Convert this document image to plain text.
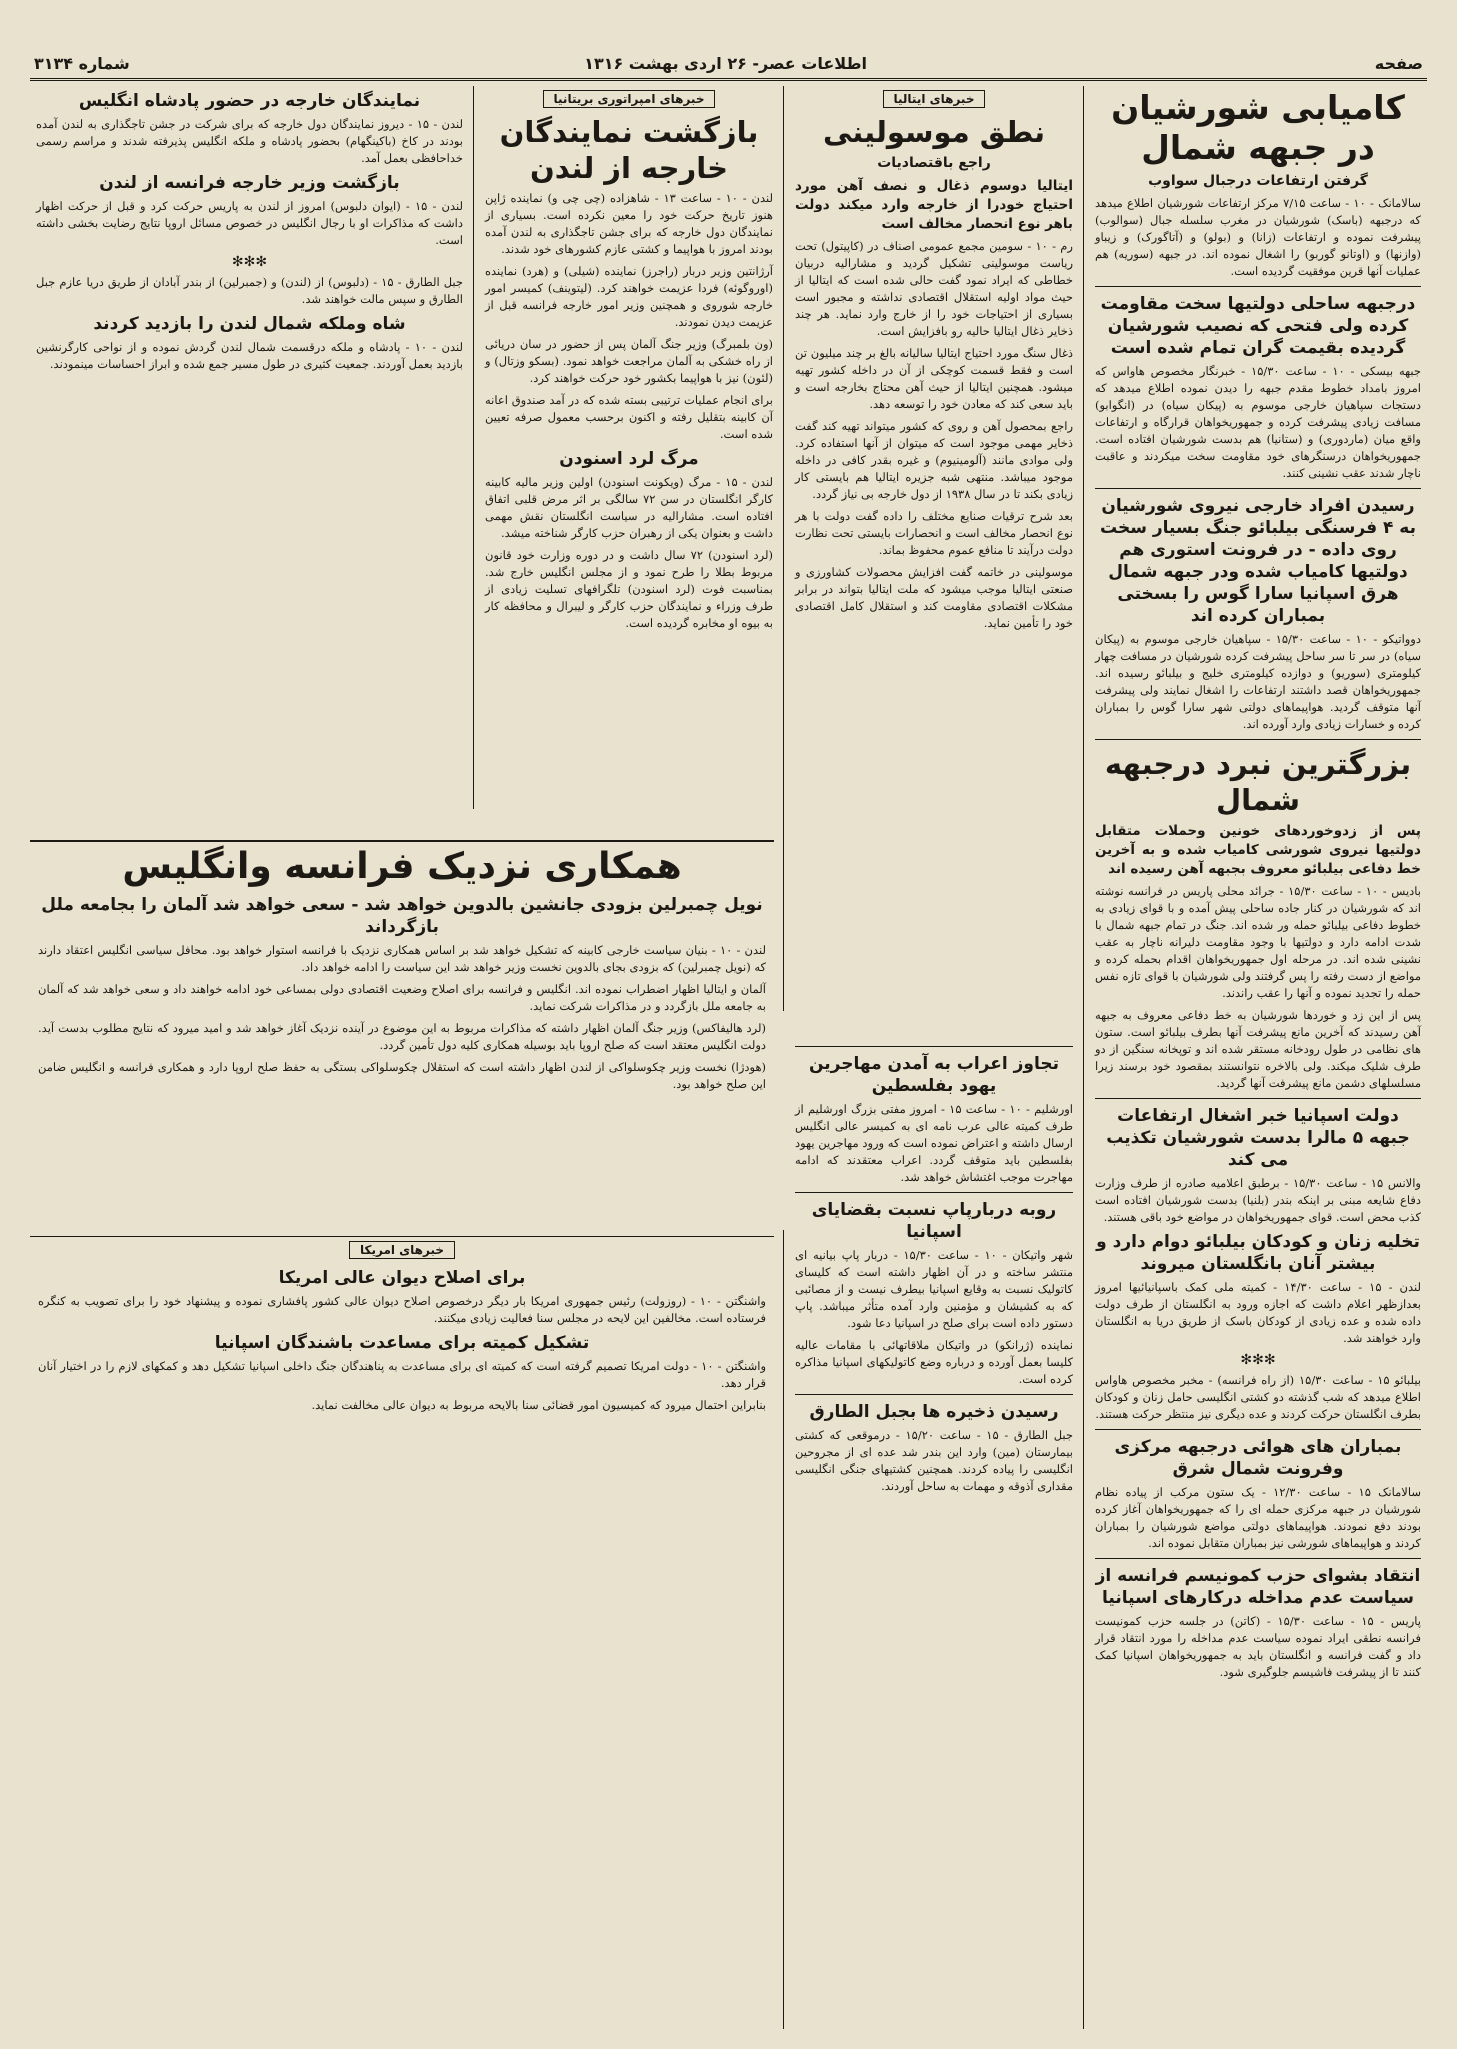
صفحه
اطلاعات عصر- ۲۶ اردی بهشت ۱۳۱۶
شماره ۳۱۳۴
کامیابی شورشیان در جبهه شمال
گرفتن ارتفاعات درجبال سواوب

سالامانک - ۱۰ - ساعت ۷/۱۵ مرکز ارتفاعات شورشیان اطلاع میدهد که درجبهه (باسک) شورشیان در مغرب سلسله جبال (سوالوب) پیشرفت نموده و ارتفاعات (زانا) و (بولو) و (آتاگورک) و زیباو (وازنها) و (اوتانو گوربو) را اشغال نموده اند. در جبهه (سوریه) هم عملیات آنها قرین موفقیت گردیده است.

درجبهه ساحلی دولتیها سخت مقاومت کرده ولی فتحی که نصیب شورشیان گردیده بقیمت گران تمام شده است

جبهه بیسکی - ۱۰ - ساعت ۱۵/۳۰ - خبرنگار مخصوص هاواس که امروز بامداد خطوط مقدم جبهه را دیدن نموده اطلاع میدهد که دستجات سپاهیان خارجی موسوم به (پیکان سیاه) در (انگوابو) مسافت زیادی پیشرفت کرده و جمهوریخواهان قرارگاه و ارتفاعات واقع میان (ماردوری) و (ستانیا) هم بدست شورشیان افتاده است. جمهوریخواهان درسنگرهای خود مقاومت سخت میکردند و عاقبت ناچار شدند عقب نشینی کنند.

رسیدن افراد خارجی نیروی شورشیان به ۴ فرسنگی بیلبائو جنگ بسیار سخت روی داده - در فرونت استوری هم دولتیها کامیاب شده ودر جبهه شمال هرق اسپانیا سارا گوس را بسختی بمباران کرده اند

دوواتیکو - ۱۰ - ساعت ۱۵/۳۰ - سپاهیان خارجی موسوم به (پیکان سیاه) در سر تا سر ساحل پیشرفت کرده شورشیان در مسافت چهار کیلومتری (سوریو) و دوازده کیلومتری خلیج و بیلبائو رسیده اند. جمهوریخواهان قصد داشتند ارتفاعات را اشغال نمایند ولی پیشرفت آنها متوقف گردید. هواپیماهای دولتی شهر سارا گوس را بمباران کرده و خسارات زیادی وارد آورده اند.

بزرگترین نبرد درجبهه شمال
پس از زدوخوردهای خونین وحملات متقابل دولتیها نیروی شورشی کامیاب شده و به آخرین خط دفاعی بیلبائو معروف بجبهه آهن رسیده اند

بادیس - ۱۰ - ساعت ۱۵/۳۰ - جرائد محلی پاریس در فرانسه نوشته اند که شورشیان در کنار جاده ساحلی پیش آمده و با قوای زیادی به خطوط دفاعی بیلبائو حمله ور شده اند. جنگ در تمام جبهه شمال با شدت ادامه دارد و دولتیها با وجود مقاومت دلیرانه ناچار به عقب نشینی شده اند. در مرحله اول جمهوریخواهان اقدام بحمله کرده و مواضع از دست رفته را پس گرفتند ولی شورشیان با قوای تازه نفس حمله را تجدید نموده و آنها را عقب راندند.

پس از این زد و خوردها شورشیان به خط دفاعی معروف به جبهه آهن رسیدند که آخرین مانع پیشرفت آنها بطرف بیلبائو است. ستون های نظامی در طول رودخانه مستقر شده اند و توپخانه سنگین از دو طرف شلیک میکند. ولی بالاخره نتوانستند بمقصود خود برسند زیرا مسلسلهای دشمن مانع پیشرفت آنها گردید.

دولت اسپانیا خبر اشغال ارتفاعات جبهه ۵ مالرا بدست شورشیان تکذیب می کند

والانس ۱۵ - ساعت ۱۵/۳۰ - برطبق اعلامیه صادره از طرف وزارت دفاع شایعه مبنی بر اینکه بندر (بلنیا) بدست شورشیان افتاده است کذب محض است. قوای جمهوریخواهان در مواضع خود باقی هستند.

تخلیه زنان و کودکان بیلبائو دوام دارد و بیشتر آنان بانگلستان میروند

لندن - ۱۵ - ساعت ۱۴/۳۰ - کمیته ملی کمک باسپانیائیها امروز بعدازظهر اعلام داشت که اجازه ورود به انگلستان از طرف دولت داده شده و عده زیادی از کودکان باسک از طریق دریا به انگلستان وارد خواهند شد.

✻✻✻

بیلبائو ۱۵ - ساعت ۱۵/۳۰ (از راه فرانسه) - مخبر مخصوص هاواس اطلاع میدهد که شب گذشته دو کشتی انگلیسی حامل زنان و کودکان بطرف انگلستان حرکت کردند و عده دیگری نیز منتظر حرکت هستند.

بمباران های هوائی درجبهه مرکزی وفرونت شمال شرق

سالامانک ۱۵ - ساعت ۱۲/۳۰ - یک ستون مرکب از پیاده نظام شورشیان در جبهه مرکزی حمله ای را که جمهوریخواهان آغاز کرده بودند دفع نمودند. هواپیماهای دولتی مواضع شورشیان را بمباران کردند و هواپیماهای شورشی نیز بمباران متقابل نموده اند.

انتقاد بشوای حزب کمونیسم فرانسه از سیاست عدم مداخله درکارهای اسپانیا

پاریس - ۱۵ - ساعت ۱۵/۳۰ - (کاتن) در جلسه حزب کمونیست فرانسه نطقی ایراد نموده سیاست عدم مداخله را مورد انتقاد قرار داد و گفت فرانسه و انگلستان باید به جمهوریخواهان اسپانیا کمک کنند تا از پیشرفت فاشیسم جلوگیری شود.

خبرهای ایتالیا
نطق موسولینی
راجع باقتصادیات
ایتالیا دوسوم ذغال و نصف آهن مورد احتیاج خودرا از خارجه وارد میکند دولت باهر نوع انحصار مخالف است

رم - ۱۰ - سومین مجمع عمومی اصناف در (کاپیتول) تحت ریاست موسولینی تشکیل گردید و مشارالیه دربیان خطاطی که ایراد نمود گفت حالی شده است که ایتالیا از حیث مواد اولیه استقلال اقتصادی نداشته و مجبور است بسیاری از احتیاجات خود را از خارج وارد نماید. هر چند ذخایر ذغال ایتالیا حالیه رو بافزایش است.

ذغال سنگ مورد احتیاج ایتالیا سالیانه بالغ بر چند میلیون تن است و فقط قسمت کوچکی از آن در داخله کشور تهیه میشود. همچنین ایتالیا از حیث آهن محتاج بخارجه است و باید سعی کند که معادن خود را توسعه دهد.

راجع بمحصول آهن و روی که کشور میتواند تهیه کند گفت ذخایر مهمی موجود است که میتوان از آنها استفاده کرد. ولی موادی مانند (آلومینیوم) و غیره بقدر کافی در داخله موجود میباشد. منتهی شبه جزیره ایتالیا هم بایستی کار زیادی بکند تا در سال ۱۹۳۸ از دول خارجه بی نیاز گردد.

بعد شرح ترقیات صنایع مختلف را داده گفت دولت با هر نوع انحصار مخالف است و انحصارات بایستی تحت نظارت دولت درآیند تا منافع عموم محفوظ بماند.

موسولینی در خاتمه گفت افزایش محصولات کشاورزی و صنعتی ایتالیا موجب میشود که ملت ایتالیا بتواند در برابر مشکلات اقتصادی مقاومت کند و استقلال کامل اقتصادی خود را تأمین نماید.

خبرهای امپراتوری بریتانیا
بازگشت نمایندگان خارجه از لندن

لندن - ۱۰ - ساعت ۱۳ - شاهزاده (چی چی و) نماینده ژاپن هنوز تاریخ حرکت خود را معین نکرده است. بسیاری از نمایندگان دول خارجه که برای جشن تاجگذاری به لندن آمده بودند امروز با هواپیما و کشتی عازم کشورهای خود شدند.

آرژانتین وزیر دربار (راجرز) نماینده (شیلی) و (هرد) نماینده (اوروگوئه) فردا عزیمت خواهند کرد. (لیتوینف) کمیسر امور خارجه شوروی و همچنین وزیر امور خارجه فرانسه قبل از عزیمت دیدن نمودند.

(ون بلمبرگ) وزیر جنگ آلمان پس از حضور در سان دریائی از راه خشکی به آلمان مراجعت خواهد نمود. (بسکو وزتال) و (لئون) نیز با هواپیما بکشور خود حرکت خواهند کرد.

برای انجام عملیات ترتیبی بسته شده که در آمد صندوق اعانه آن کابینه بتقلیل رفته و اکنون برحسب معمول صرفه تعیین شده است.

مرگ لرد اسنودن

لندن - ۱۵ - مرگ (ویکونت اسنودن) اولین وزیر مالیه کابینه کارگر انگلستان در سن ۷۲ سالگی بر اثر مرض قلبی اتفاق افتاده است. مشارالیه در سیاست انگلستان نقش مهمی داشت و بعنوان یکی از رهبران حزب کارگر شناخته میشد.

(لرد اسنودن) ۷۲ سال داشت و در دوره وزارت خود قانون مربوط بطلا را طرح نمود و از مجلس انگلیس خارج شد. بمناسبت فوت (لرد اسنودن) تلگرافهای تسلیت زیادی از طرف وزراء و نمایندگان حزب کارگر و لیبرال و محافظه کار به بیوه او مخابره گردیده است.

نمایندگان خارجه در حضور پادشاه انگلیس

لندن - ۱۵ - دیروز نمایندگان دول خارجه که برای شرکت در جشن تاجگذاری به لندن آمده بودند در کاخ (باکینگهام) بحضور پادشاه و ملکه انگلیس پذیرفته شدند و مراسم رسمی خداحافظی بعمل آمد.

بازگشت وزیر خارجه فرانسه از لندن

لندن - ۱۵ - (ایوان دلبوس) امروز از لندن به پاریس حرکت کرد و قبل از حرکت اظهار داشت که مذاکرات او با رجال انگلیس در خصوص مسائل اروپا نتایج رضایت بخشی داشته است.

✻✻✻

جبل الطارق - ۱۵ - (دلبوس) از (لندن) و (جمبرلین) از بندر آبادان از طریق دریا عازم جبل الطارق و سپس مالت خواهند شد.

شاه وملکه شمال لندن را بازدید کردند

لندن - ۱۰ - پادشاه و ملکه درقسمت شمال لندن گردش نموده و از نواحی کارگرنشین بازدید بعمل آوردند. جمعیت کثیری در طول مسیر جمع شده و ابراز احساسات مینمودند.

همکاری نزدیک فرانسه وانگلیس
نویل چمبرلین بزودی جانشین بالدوین خواهد شد - سعی خواهد شد آلمان را بجامعه ملل بازگرداند

لندن - ۱۰ - بنیان سیاست خارجی کابینه که تشکیل خواهد شد بر اساس همکاری نزدیک با فرانسه استوار خواهد بود. محافل سیاسی انگلیس اعتقاد دارند که (نویل چمبرلین) که بزودی بجای بالدوین نخست وزیر خواهد شد این سیاست را ادامه خواهد داد.

آلمان و ایتالیا اظهار اضطراب نموده اند. انگلیس و فرانسه برای اصلاح وضعیت اقتصادی دولی بمساعی خود ادامه خواهند داد و سعی خواهد شد که آلمان به جامعه ملل بازگردد و در مذاکرات شرکت نماید.

(لرد هالیفاکس) وزیر جنگ آلمان اظهار داشته که مذاکرات مربوط به این موضوع در آینده نزدیک آغاز خواهد شد و امید میرود که نتایج مطلوب بدست آید. دولت انگلیس معتقد است که صلح اروپا باید بوسیله همکاری کلیه دول تأمین گردد.

(هودژا) نخست وزیر چکوسلواکی از لندن اظهار داشته است که استقلال چکوسلواکی بستگی به حفظ صلح اروپا دارد و همکاری فرانسه و انگلیس ضامن این صلح خواهد بود.

خبرهای امریکا
برای اصلاح دیوان عالی امریکا

واشنگتن - ۱۰ - (روزولت) رئیس جمهوری امریکا بار دیگر درخصوص اصلاح دیوان عالی کشور پافشاری نموده و پیشنهاد خود را برای تصویب به کنگره فرستاده است. مخالفین این لایحه در مجلس سنا فعالیت زیادی میکنند.

تشکیل کمیته برای مساعدت باشندگان اسپانیا

واشنگتن - ۱۰ - دولت امریکا تصمیم گرفته است که کمیته ای برای مساعدت به پناهندگان جنگ داخلی اسپانیا تشکیل دهد و کمکهای لازم را در اختیار آنان قرار دهد.

بنابراین احتمال میرود که کمیسیون امور قضائی سنا بالایحه مربوط به دیوان عالی مخالفت نماید.

تجاوز اعراب به آمدن مهاجرین یهود بفلسطین

اورشلیم - ۱۰ - ساعت ۱۵ - امروز مفتی بزرگ اورشلیم از طرف کمیته عالی عرب نامه ای به کمیسر عالی انگلیس ارسال داشته و اعتراض نموده است که ورود مهاجرین یهود بفلسطین باید متوقف گردد. اعراب معتقدند که ادامه مهاجرت موجب اغتشاش خواهد شد.

روبه دربارپاپ نسبت بقضایای اسپانیا

شهر واتیکان - ۱۰ - ساعت ۱۵/۳۰ - دربار پاپ بیانیه ای منتشر ساخته و در آن اظهار داشته است که کلیسای کاتولیک نسبت به وقایع اسپانیا بیطرف نیست و از مصائبی که به کشیشان و مؤمنین وارد آمده متأثر میباشد. پاپ دستور داده است برای صلح در اسپانیا دعا شود.

نماینده (ژرانکو) در واتیکان ملاقاتهائی با مقامات عالیه کلیسا بعمل آورده و درباره وضع کاتولیکهای اسپانیا مذاکره کرده است.

رسیدن ذخیره ها بجبل الطارق

جبل الطارق - ۱۵ - ساعت ۱۵/۲۰ - درموقعی که کشتی بیمارستان (مین) وارد این بندر شد عده ای از مجروحین انگلیسی را پیاده کردند. همچنین کشتیهای جنگی انگلیسی مقداری آذوقه و مهمات به ساحل آوردند.
